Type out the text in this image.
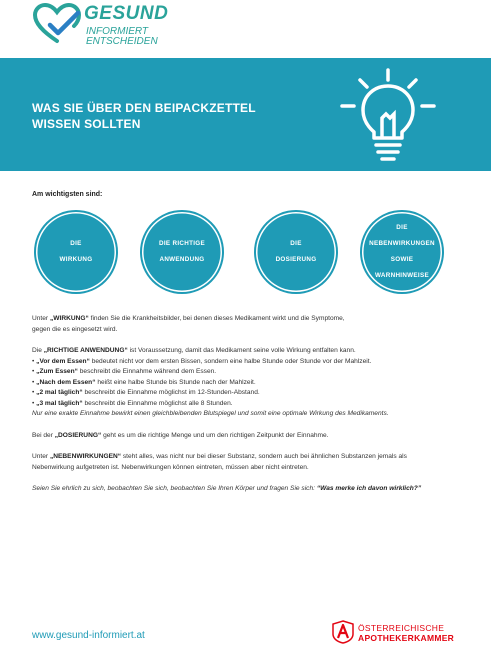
GESUND
INFORMIERT
ENTSCHEIDEN
WAS SIE ÜBER DEN BEIPACKZETTEL
WISSEN SOLLTEN
Am wichtigsten sind:
DIE

WIRKUNG
DIE RICHTIGE

ANWENDUNG
DIE

DOSIERUNG
DIE

NEBENWIRKUNGEN

SOWIE

WARNHINWEISE

Unter „WIRKUNG“ finden Sie die Krankheitsbilder, bei denen dieses Medikament wirkt und die Symptome,
gegen die es eingesetzt wird.

Die „RICHTIGE ANWENDUNG“ ist Voraussetzung, damit das Medikament seine volle Wirkung entfalten kann.
• „Vor dem Essen“ bedeutet nicht vor dem ersten Bissen, sondern eine halbe Stunde oder Stunde vor der Mahlzeit.
• „Zum Essen“ beschreibt die Einnahme während dem Essen.
• „Nach dem Essen“ heißt eine halbe Stunde bis Stunde nach der Mahlzeit.
• „2 mal täglich“ beschreibt die Einnahme möglichst im 12-Stunden-Abstand.
• „3 mal täglich“ beschreibt die Einnahme möglichst alle 8 Stunden.
Nur eine exakte Einnahme bewirkt einen gleichbleibenden Blutspiegel und somit eine optimale Wirkung des Medikaments.

Bei der „DOSIERUNG“ geht es um die richtige Menge und um den richtigen Zeitpunkt der Einnahme.

Unter „NEBENWIRKUNGEN“ steht alles, was nicht nur bei dieser Substanz, sondern auch bei ähnlichen Substanzen jemals als
Nebenwirkung aufgetreten ist. Nebenwirkungen können eintreten, müssen aber nicht eintreten.

Seien Sie ehrlich zu sich, beobachten Sie sich, beobachten Sie Ihren Körper und fragen Sie sich: “Was merke ich davon wirklich?”

www.gesund-informiert.at
ÖSTERREICHISCHE
APOTHEKERKAMMER
